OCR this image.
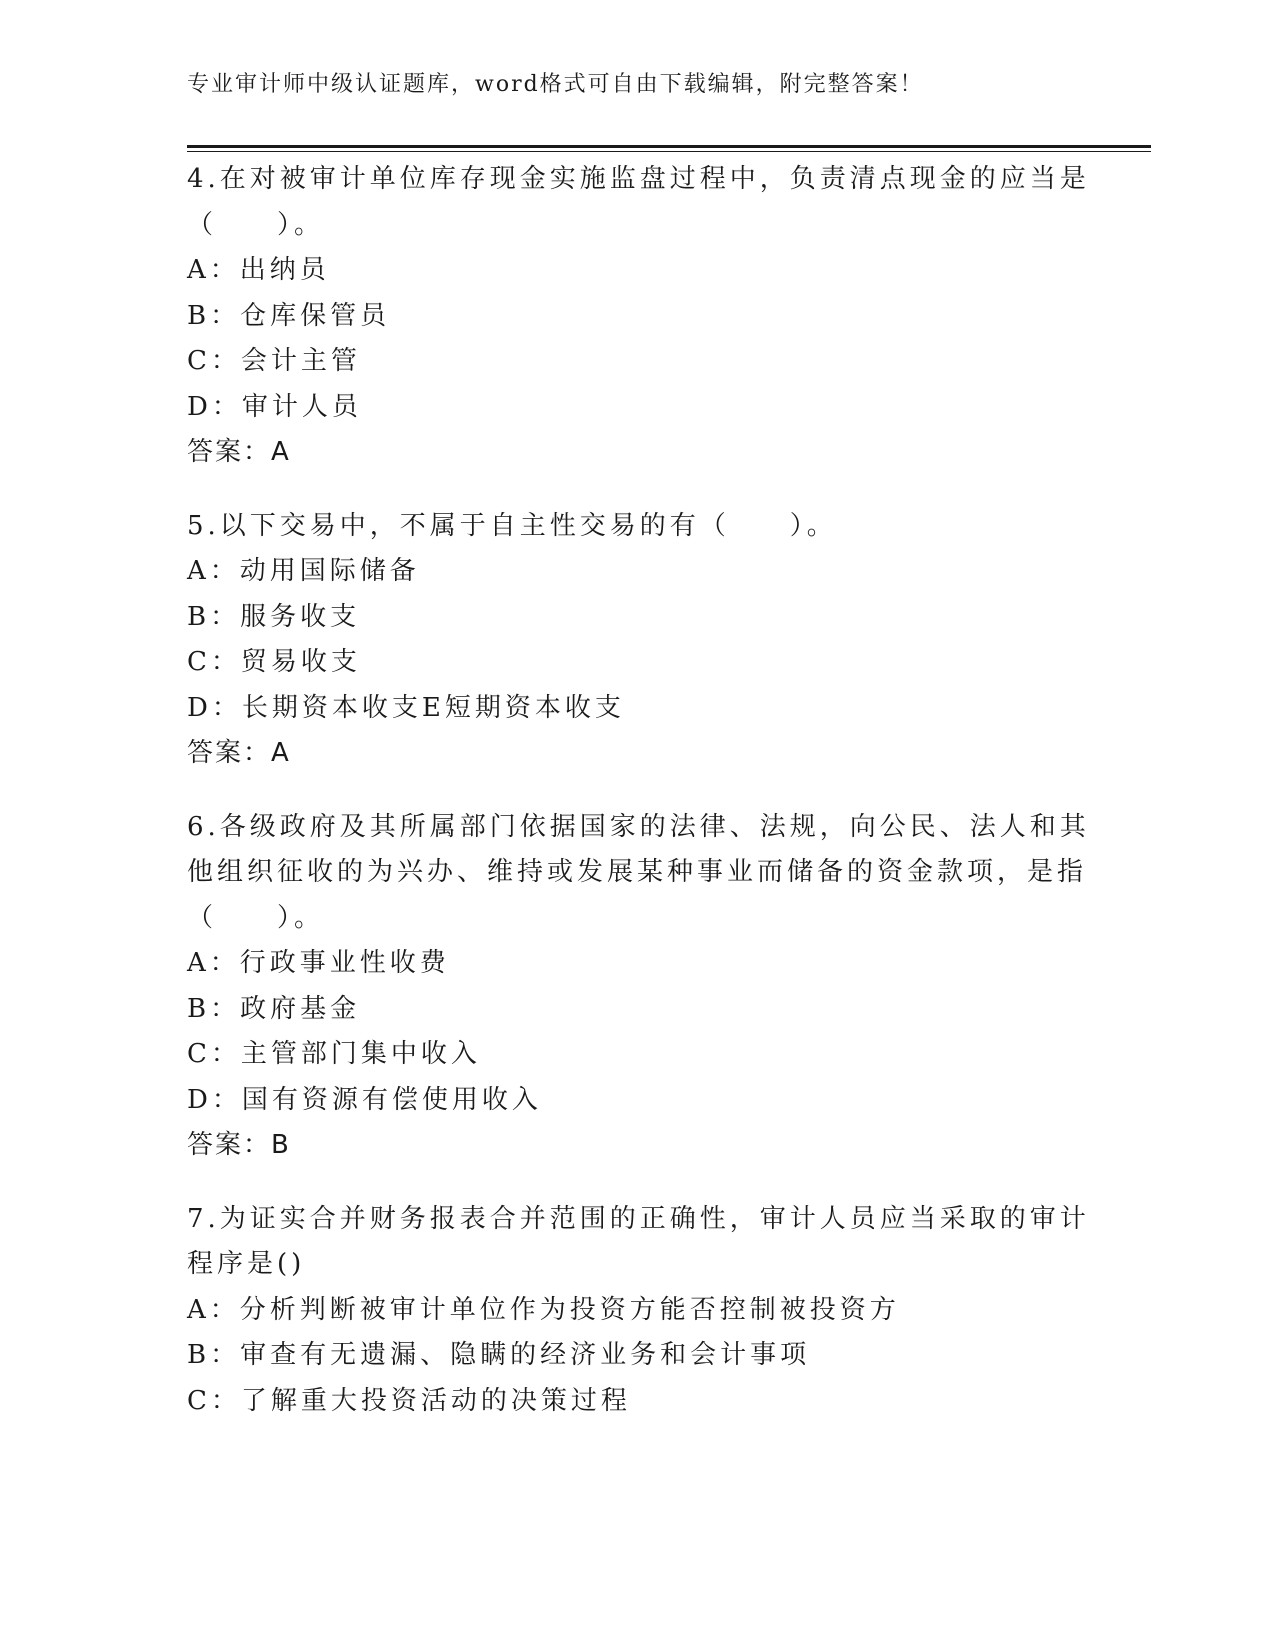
专业审计师中级认证题库，word格式可自由下载编辑，附完整答案！
4.在对被审计单位库存现金实施监盘过程中，负责清点现金的应当是
（　　）。
A：出纳员
B：仓库保管员
C：会计主管
D：审计人员
答案：A
5.以下交易中，不属于自主性交易的有（　　）。
A：动用国际储备
B：服务收支
C：贸易收支
D：长期资本收支E短期资本收支
答案：A
6.各级政府及其所属部门依据国家的法律、法规，向公民、法人和其
他组织征收的为兴办、维持或发展某种事业而储备的资金款项，是指
（　　）。
A：行政事业性收费
B：政府基金
C：主管部门集中收入
D：国有资源有偿使用收入
答案：B
7.为证实合并财务报表合并范围的正确性，审计人员应当采取的审计
程序是()
A：分析判断被审计单位作为投资方能否控制被投资方
B：审查有无遗漏、隐瞒的经济业务和会计事项
C：了解重大投资活动的决策过程
